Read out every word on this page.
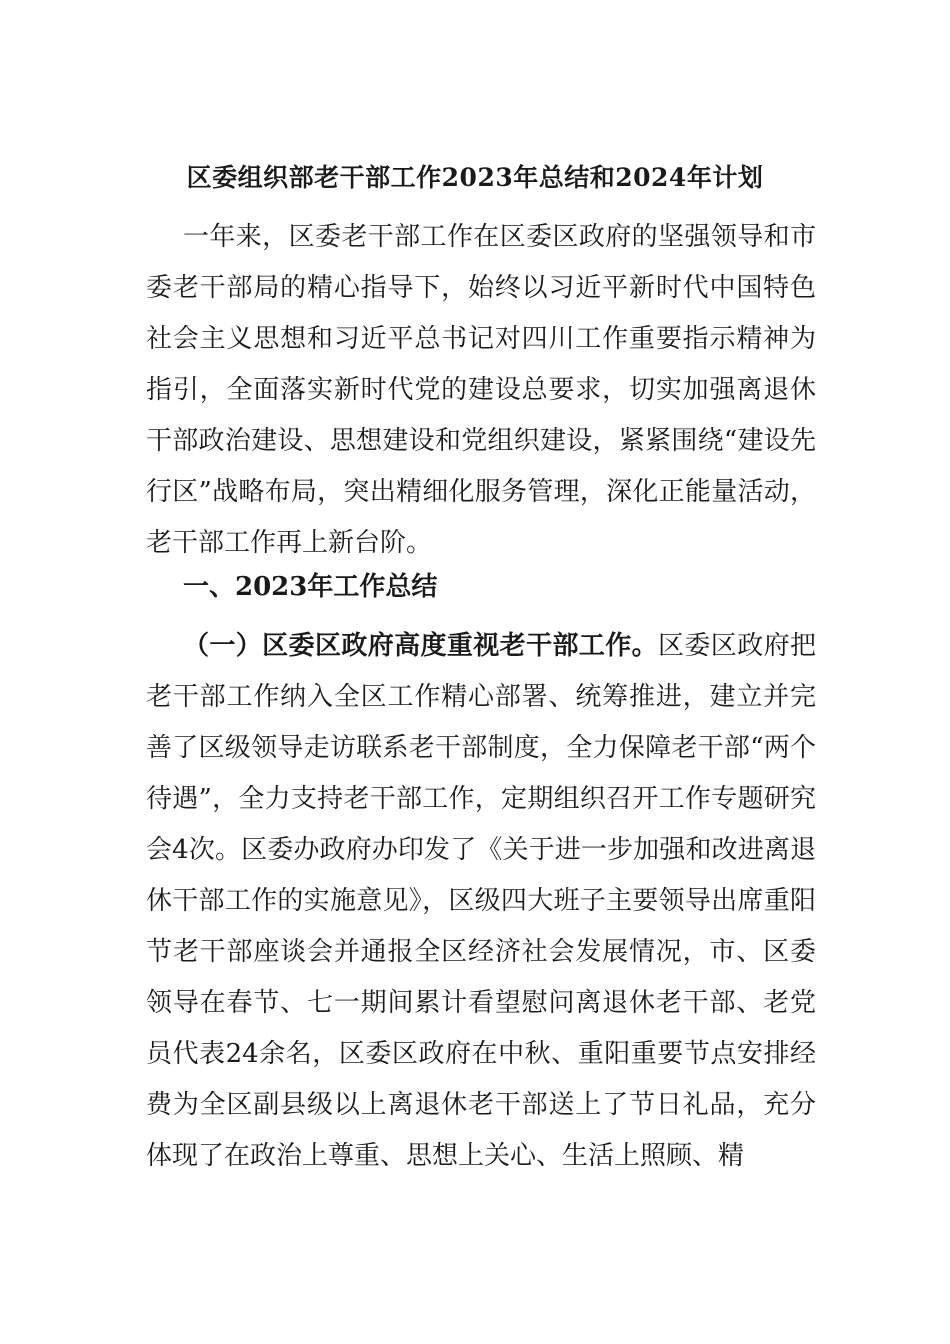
区委组织部老干部工作2023年总结和2024年计划

一年来，区委老干部工作在区委区政府的坚强领导和市委老干部局的精心指导下，始终以习近平新时代中国特色社会主义思想和习近平总书记对四川工作重要指示精神为指引，全面落实新时代党的建设总要求，切实加强离退休干部政治建设、思想建设和党组织建设，紧紧围绕“建设先行区”战略布局，突出精细化服务管理，深化正能量活动，老干部工作再上新台阶。

一、2023年工作总结

（一）区委区政府高度重视老干部工作。区委区政府把老干部工作纳入全区工作精心部署、统筹推进，建立并完善了区级领导走访联系老干部制度，全力保障老干部“两个待遇”，全力支持老干部工作，定期组织召开工作专题研究会4次。区委办政府办印发了《关于进一步加强和改进离退休干部工作的实施意见》，区级四大班子主要领导出席重阳节老干部座谈会并通报全区经济社会发展情况，市、区委领导在春节、七一期间累计看望慰问离退休老干部、老党员代表24余名，区委区政府在中秋、重阳重要节点安排经费为全区副县级以上离退休老干部送上了节日礼品，充分体现了在政治上尊重、思想上关心、生活上照顾、精
